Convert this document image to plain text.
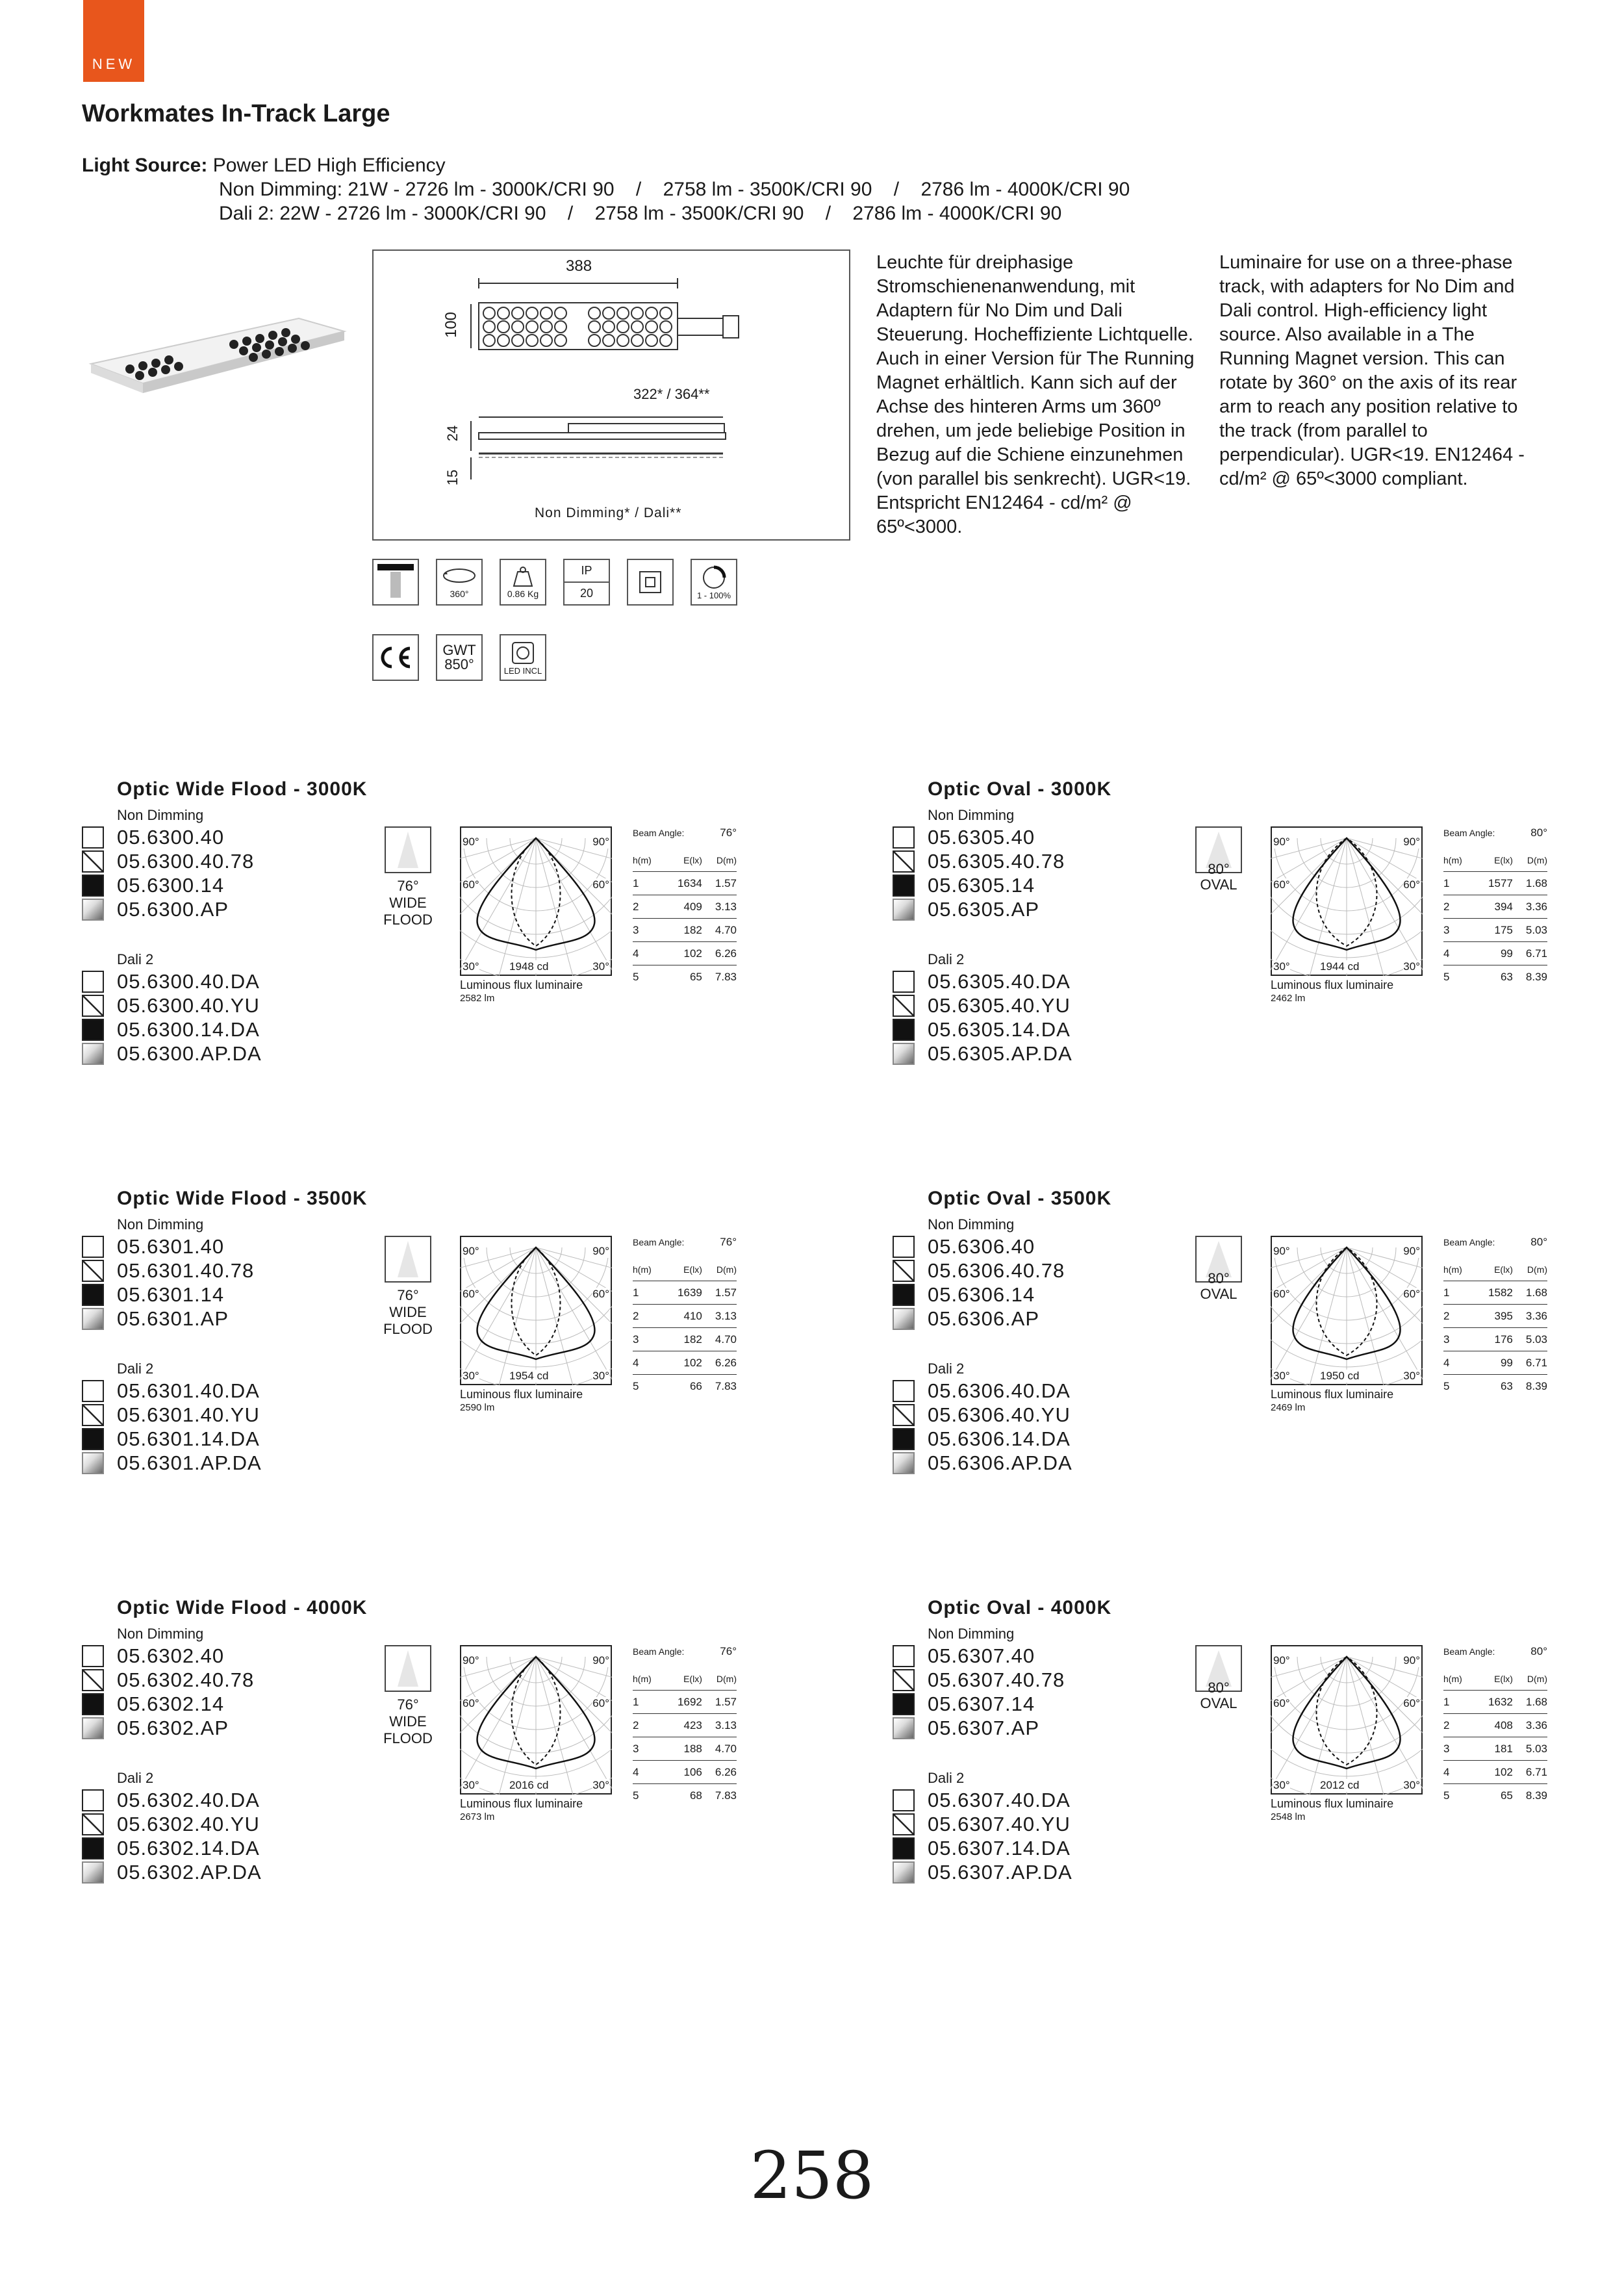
NEW
Workmates In-Track Large
Light Source: Power LED High Efficiency
Non Dimming: 21W - 2726 lm - 3000K/CRI 90    /    2758 lm - 3500K/CRI 90    /    2786 lm - 4000K/CRI 90
Dali 2: 22W - 2726 lm - 3000K/CRI 90    /    2758 lm - 3500K/CRI 90    /    2786 lm - 4000K/CRI 90
388
100
322* / 364**
24
15
Non Dimming* / Dali**
Leuchte für dreiphasige Stromschienenanwendung, mit Adaptern für No Dim und Dali Steuerung. Hocheffiziente Lichtquelle. Auch in einer Version für The Running Magnet erhältlich. Kann sich auf der Achse des hinteren Arms um 360º drehen, um jede beliebige Position in Bezug auf die Schiene einzunehmen (von parallel bis senkrecht). UGR<19. Entspricht EN12464 - cd/m² @ 65º<3000.
Luminaire for use on a three-phase track, with adapters for No Dim and Dali control. High-efficiency light source. Also available in a The Running Magnet version. This can rotate by 360° on the axis of its rear arm to reach any position relative to the track (from parallel to perpendicular). UGR<19. EN12464 - cd/m² @ 65º<3000 compliant.
360°	0.86 Kg
IP
20	1 - 100%
GWT
850°	LED INCL
Optic Wide Flood - 3000K
Non Dimming
05.6300.40
05.6300.40.78
05.6300.14
05.6300.AP
Dali 2
05.6300.40.DA
05.6300.40.YU
05.6300.14.DA
05.6300.AP.DA
76°
WIDE
FLOOD
90°	90°
60°	60°
30°	30°
1948 cd
Luminous flux luminaire
2582 lm
Beam Angle:	76°
h(m)	E(lx)	D(m)
1	1634	1.57
2	409	3.13
3	182	4.70
4	102	6.26
5	65	7.83
Optic Oval - 3000K
Non Dimming
05.6305.40
05.6305.40.78
05.6305.14
05.6305.AP
Dali 2
05.6305.40.DA
05.6305.40.YU
05.6305.14.DA
05.6305.AP.DA
80°
OVAL
90°	90°
60°	60°
30°	30°
1944 cd
Luminous flux luminaire
2462 lm
Beam Angle:	80°
h(m)	E(lx)	D(m)
1	1577	1.68
2	394	3.36
3	175	5.03
4	99	6.71
5	63	8.39
Optic Wide Flood - 3500K
Non Dimming
05.6301.40
05.6301.40.78
05.6301.14
05.6301.AP
Dali 2
05.6301.40.DA
05.6301.40.YU
05.6301.14.DA
05.6301.AP.DA
76°
WIDE
FLOOD
90°	90°
60°	60°
30°	30°
1954 cd
Luminous flux luminaire
2590 lm
Beam Angle:	76°
h(m)	E(lx)	D(m)
1	1639	1.57
2	410	3.13
3	182	4.70
4	102	6.26
5	66	7.83
Optic Oval - 3500K
Non Dimming
05.6306.40
05.6306.40.78
05.6306.14
05.6306.AP
Dali 2
05.6306.40.DA
05.6306.40.YU
05.6306.14.DA
05.6306.AP.DA
80°
OVAL
90°	90°
60°	60°
30°	30°
1950 cd
Luminous flux luminaire
2469 lm
Beam Angle:	80°
h(m)	E(lx)	D(m)
1	1582	1.68
2	395	3.36
3	176	5.03
4	99	6.71
5	63	8.39
Optic Wide Flood - 4000K
Non Dimming
05.6302.40
05.6302.40.78
05.6302.14
05.6302.AP
Dali 2
05.6302.40.DA
05.6302.40.YU
05.6302.14.DA
05.6302.AP.DA
76°
WIDE
FLOOD
90°	90°
60°	60°
30°	30°
2016 cd
Luminous flux luminaire
2673 lm
Beam Angle:	76°
h(m)	E(lx)	D(m)
1	1692	1.57
2	423	3.13
3	188	4.70
4	106	6.26
5	68	7.83
Optic Oval - 4000K
Non Dimming
05.6307.40
05.6307.40.78
05.6307.14
05.6307.AP
Dali 2
05.6307.40.DA
05.6307.40.YU
05.6307.14.DA
05.6307.AP.DA
80°
OVAL
90°	90°
60°	60°
30°	30°
2012 cd
Luminous flux luminaire
2548 lm
Beam Angle:	80°
h(m)	E(lx)	D(m)
1	1632	1.68
2	408	3.36
3	181	5.03
4	102	6.71
5	65	8.39
258
